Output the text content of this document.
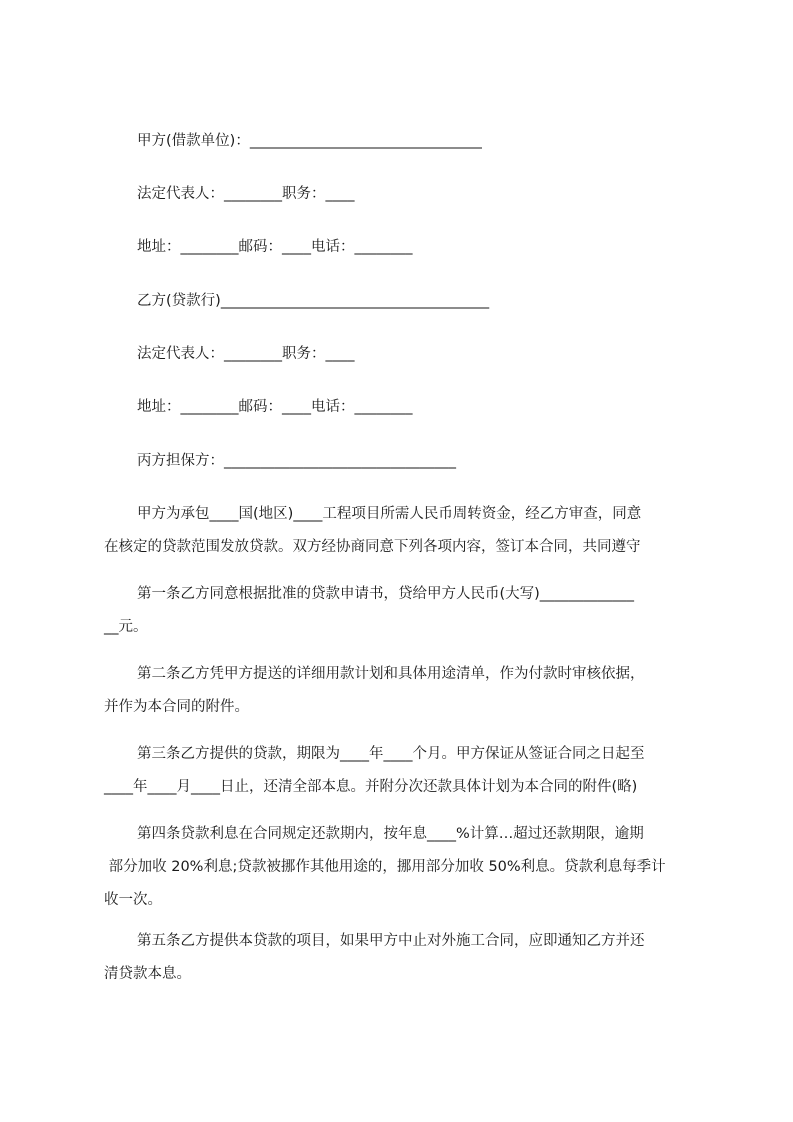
甲方(借款单位)：________________________________
法定代表人：________职务：____
地址：________邮码：____电话：________
乙方(贷款行)_____________________________________
法定代表人：________职务：____
地址：________邮码：____电话：________
丙方担保方：________________________________
甲方为承包____国(地区)____工程项目所需人民币周转资金，经乙方审查，同意
在核定的贷款范围发放贷款。双方经协商同意下列各项内容，签订本合同，共同遵守
第一条乙方同意根据批准的贷款申请书，贷给甲方人民币(大写)_____________
__元。
第二条乙方凭甲方提送的详细用款计划和具体用途清单，作为付款时审核依据，
并作为本合同的附件。
第三条乙方提供的贷款，期限为____年____个月。甲方保证从签证合同之日起至
____年____月____日止，还清全部本息。并附分次还款具体计划为本合同的附件(略)
第四条贷款利息在合同规定还款期内，按年息____%计算…超过还款期限，逾期
部分加收 20%利息;贷款被挪作其他用途的，挪用部分加收 50%利息。贷款利息每季计
收一次。
第五条乙方提供本贷款的项目，如果甲方中止对外施工合同，应即通知乙方并还
清贷款本息。
